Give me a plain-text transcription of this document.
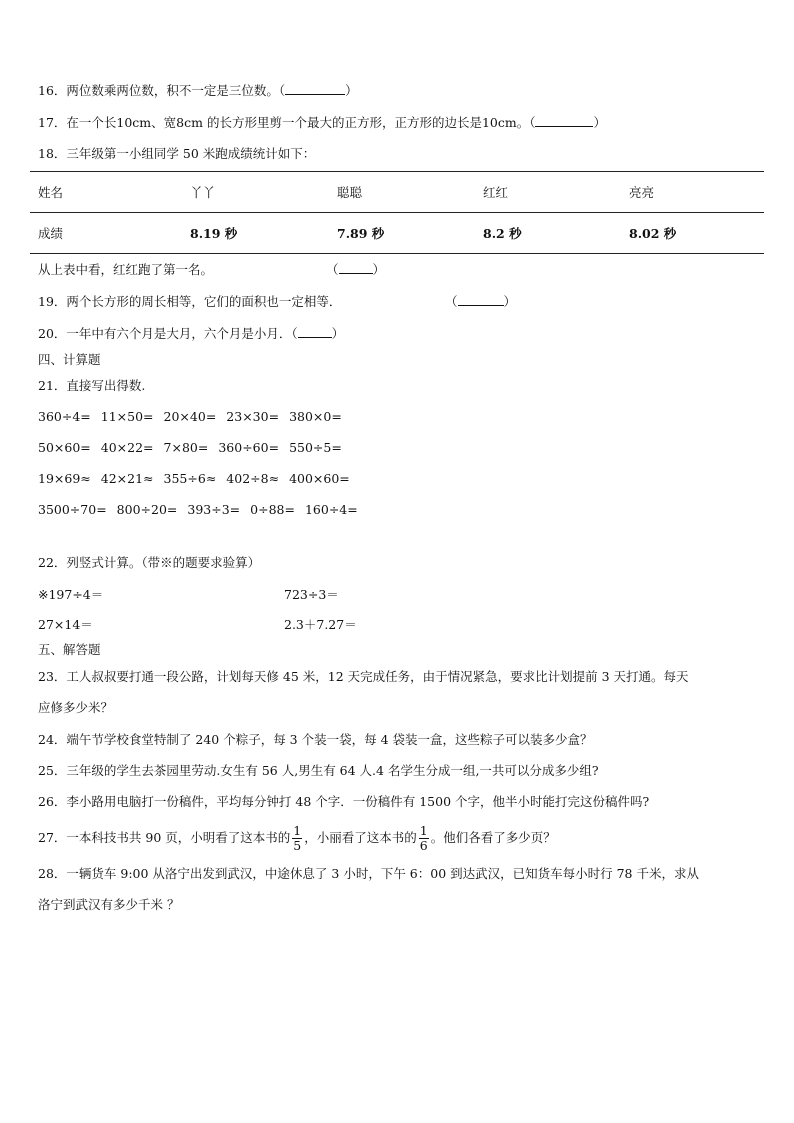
16．两位数乘两位数，积不一定是三位数。（	）
17．在一个长10cm、宽8cm 的长方形里剪一个最大的正方形，正方形的边长是10cm。（	）
18．三年级第一小组同学 50 米跑成绩统计如下：
姓名	丫丫	聪聪	红红	亮亮
成绩	8.19 秒	7.89 秒	8.2 秒	8.02 秒
从上表中看，红红跑了第一名。	（	）
19．两个长方形的周长相等，它们的面积也一定相等．	（	）
20．一年中有六个月是大月，六个月是小月．（	）
四、计算题
21．直接写出得数.
360÷4= 11×50= 20×40= 23×30= 380×0=
50×60= 40×22= 7×80= 360÷60= 550÷5=
19×69≈ 42×21≈ 355÷6≈ 402÷8≈ 400×60=
3500÷70= 800÷20= 393÷3= 0÷88= 160÷4=
22．列竖式计算。（带※的题要求验算）
※197÷4＝	723÷3＝
27×14＝	2.3＋7.27＝
五、解答题
23．工人叔叔要打通一段公路，计划每天修 45 米，12 天完成任务，由于情况紧急，要求比计划提前 3 天打通。每天
应修多少米？
24．端午节学校食堂特制了 240 个粽子，每 3 个装一袋，每 4 袋装一盒，这些粽子可以装多少盒？
25．三年级的学生去茶园里劳动.女生有 56 人,男生有 64 人.4 名学生分成一组,一共可以分成多少组?
26．李小路用电脑打一份稿件，平均每分钟打 48 个字．一份稿件有 1500 个字，他半小时能打完这份稿件吗?
27．一本科技书共 90 页，小明看了这本书的 $\frac{1}{5}$ ，小丽看了这本书的 $\frac{1}{6}$ 。他们各看了多少页？
28．一辆货车 9:00 从洛宁出发到武汉，中途休息了 3 小时，下午 6：00 到达武汉，已知货车每小时行 78 千米，求从
洛宁到武汉有多少千米 ？
